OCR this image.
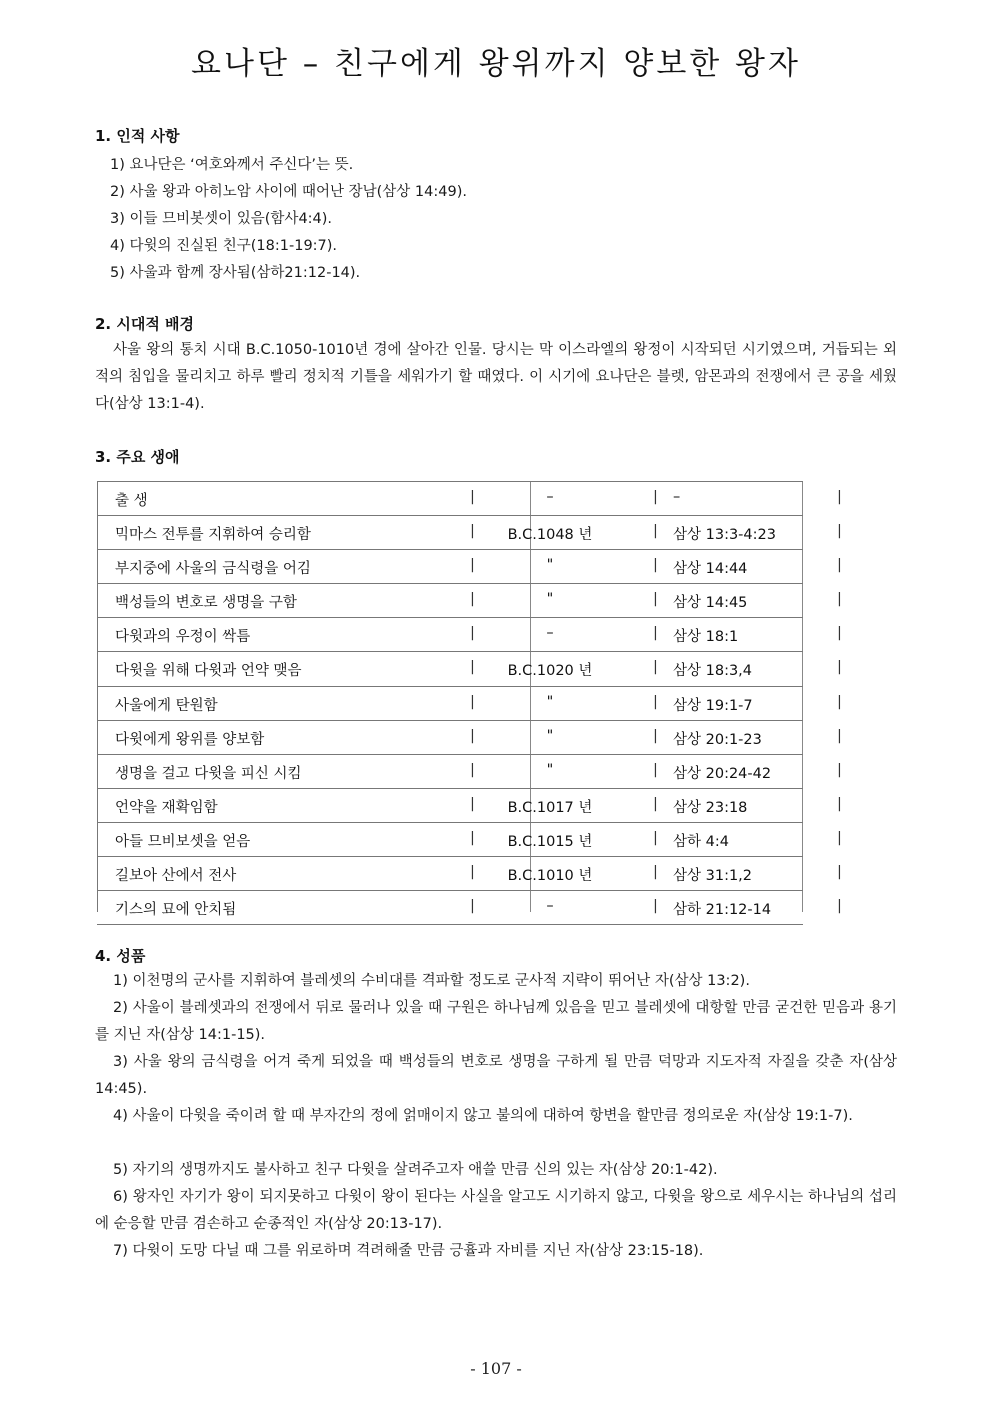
요나단 – 친구에게 왕위까지 양보한 왕자
1. 인적 사항
1) 요나단은 ‘여호와께서 주신다’는 뜻.
2) 사울 왕과 아히노암 사이에 때어난 장남(삼상 14:49).
3) 이들 므비봇셋이 있음(함사4:4).
4) 다윗의 진실된 친구(18:1-19:7).
5) 사울과 함께 장사됨(삼하21:12-14).
2. 시대적 배경
사울 왕의 통치 시대 B.C.1050-1010년 경에 살아간 인물. 당시는 막 이스라엘의 왕정이 시작되던 시기였으며, 거듭되는 외적의 침입을 물리치고 하루 빨리 정치적 기틀을 세워가기 할 때였다. 이 시기에 요나단은 블렛, 암몬과의 전쟁에서 큰 공을 세웠다(삼상 13:1-4).
3. 주요 생애
출 생	|	–	| –	|
믹마스 전투를 지휘하여 승리함	|	B.C.1048 년	| 삼상 13:3-4:23	|
부지중에 사울의 금식령을 어김	|	"	| 삼상 14:44	|
백성들의 변호로 생명을 구함	|	"	| 삼상 14:45	|
다윗과의 우정이 싹틈	|	–	| 삼상 18:1	|
다윗을 위해 다윗과 언약 맺음	|	B.C.1020 년	| 삼상 18:3,4	|
사울에게 탄원함	|	"	| 삼상 19:1-7	|
다윗에게 왕위를 양보함	|	"	| 삼상 20:1-23	|
생명을 걸고 다윗을 피신 시킴	|	"	| 삼상 20:24-42	|
언약을 재확임함	|	B.C.1017 년	| 삼상 23:18	|
아들 므비보셋을 얻음	|	B.C.1015 년	| 삼하 4:4	|
길보아 산에서 전사	|	B.C.1010 년	| 삼상 31:1,2	|
기스의 묘에 안치됨	|	–	| 삼하 21:12-14	|
4. 성품
1) 이천명의 군사를 지휘하여 블레셋의 수비대를 격파할 정도로 군사적 지략이 뛰어난 자(삼상 13:2).
2) 사울이 블레셋과의 전쟁에서 뒤로 물러나 있을 때 구원은 하나님께 있음을 믿고 블레셋에 대항할 만큼 굳건한 믿음과 용기를 지닌 자(삼상 14:1-15).
3) 사울 왕의 금식령을 어겨 죽게 되었을 때 백성들의 변호로 생명을 구하게 될 만큼 덕망과 지도자적 자질을 갖춘 자(삼상 14:45).
4) 사울이 다윗을 죽이려 할 때 부자간의 정에 얽매이지 않고 불의에 대하여 항변을 할만큼 정의로운 자(삼상 19:1-7).
5) 자기의 생명까지도 불사하고 친구 다윗을 살려주고자 애쓸 만큼 신의 있는 자(삼상 20:1-42).
6) 왕자인 자기가 왕이 되지못하고 다윗이 왕이 된다는 사실을 알고도 시기하지 않고, 다윗을 왕으로 세우시는 하나님의 섭리에 순응할 만큼 겸손하고 순종적인 자(삼상 20:13-17).
7) 다윗이 도망 다닐 때 그를 위로하며 격려해줄 만큼 긍휼과 자비를 지닌 자(삼상 23:15-18).
- 107 -
